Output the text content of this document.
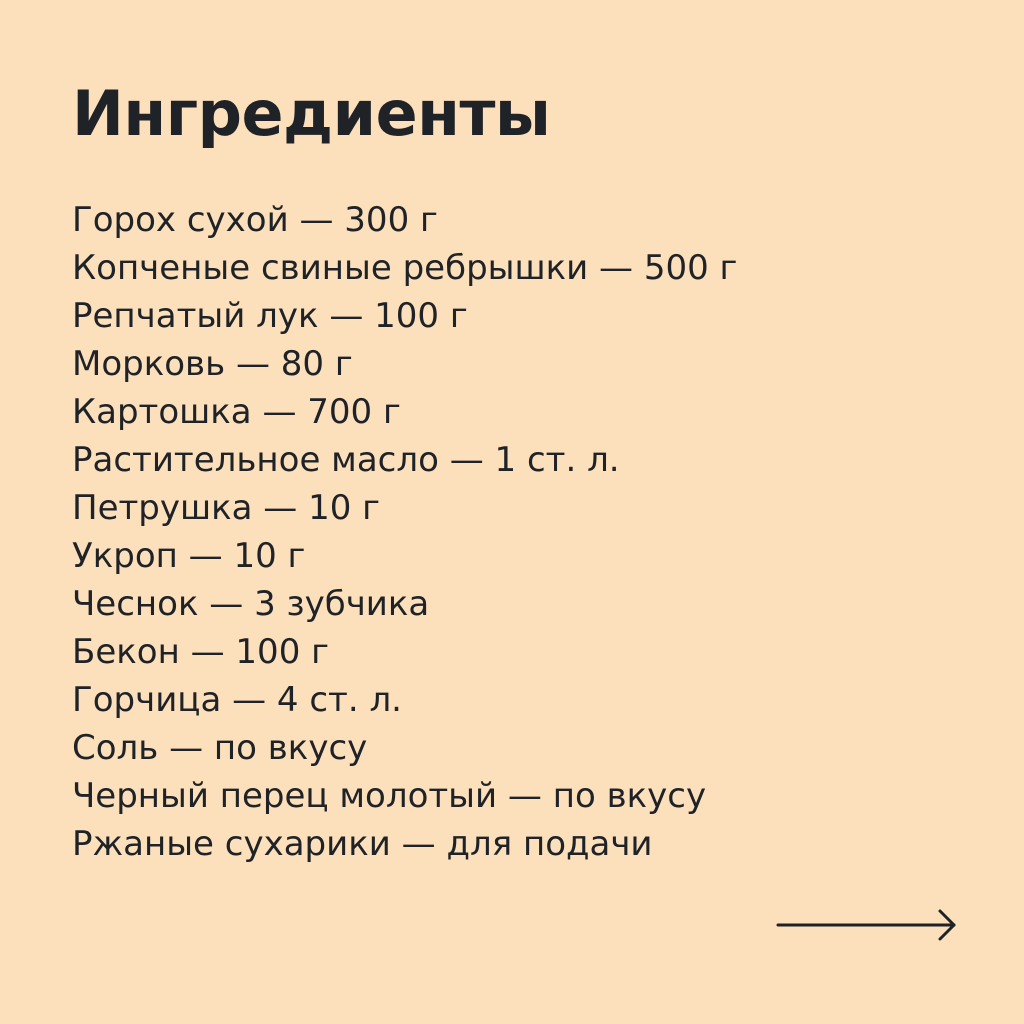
Ингредиенты
Горох сухой — 300 г
Копченые свиные ребрышки — 500 г
Репчатый лук — 100 г
Морковь — 80 г
Картошка — 700 г
Растительное масло — 1 ст. л.
Петрушка — 10 г
Укроп — 10 г
Чеснок — 3 зубчика
Бекон — 100 г
Горчица — 4 ст. л.
Соль — по вкусу
Черный перец молотый — по вкусу
Ржаные сухарики — для подачи
